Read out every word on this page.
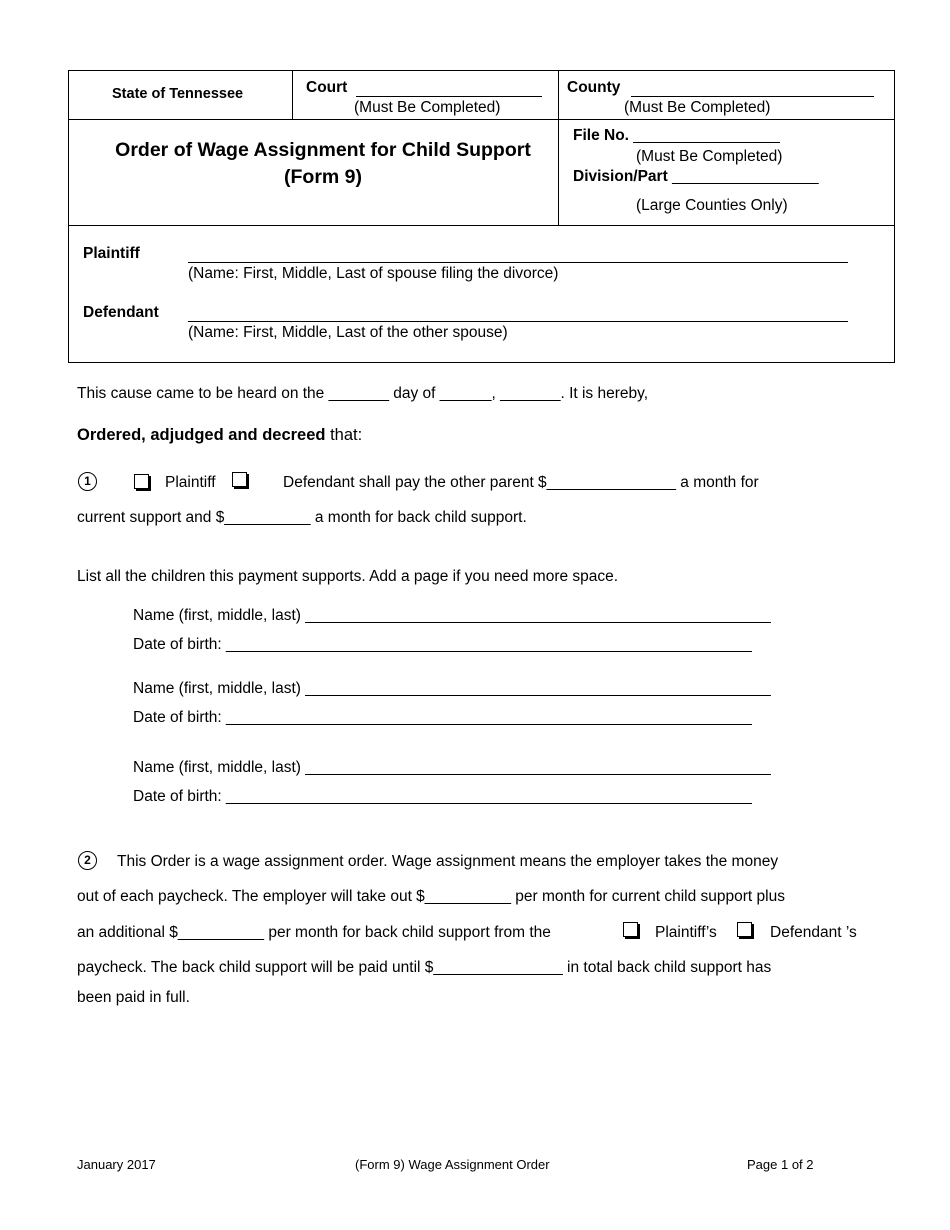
State of Tennessee	Court
(Must Be Completed)
County
(Must Be Completed)
Order of Wage Assignment for Child Support
(Form 9)
File No. _________________
(Must Be Completed)
Division/Part _________________
(Large Counties Only)
Plaintiff
(Name: First, Middle, Last of spouse filing the divorce)
Defendant
(Name: First, Middle, Last of the other spouse)
This cause came to be heard on the _______ day of ______, _______. It is hereby,
Ordered, adjudged and decreed that:
1	Plaintiff	Defendant shall pay the other parent $_______________ a month for
current support and $__________ a month for back child support.
List all the children this payment supports. Add a page if you need more space.
Name (first, middle, last) ______________________________________________________
Date of birth: _____________________________________________________________
Name (first, middle, last) ______________________________________________________
Date of birth: _____________________________________________________________
Name (first, middle, last) ______________________________________________________
Date of birth: _____________________________________________________________
2	This Order is a wage assignment order. Wage assignment means the employer takes the money
out of each paycheck. The employer will take out $__________ per month for current child support plus
an additional $__________ per month for back child support from the	Plaintiff’s	Defendant ’s
paycheck. The back child support will be paid until $_______________ in total back child support has
been paid in full.
January 2017	(Form 9) Wage Assignment Order	Page 1 of 2
